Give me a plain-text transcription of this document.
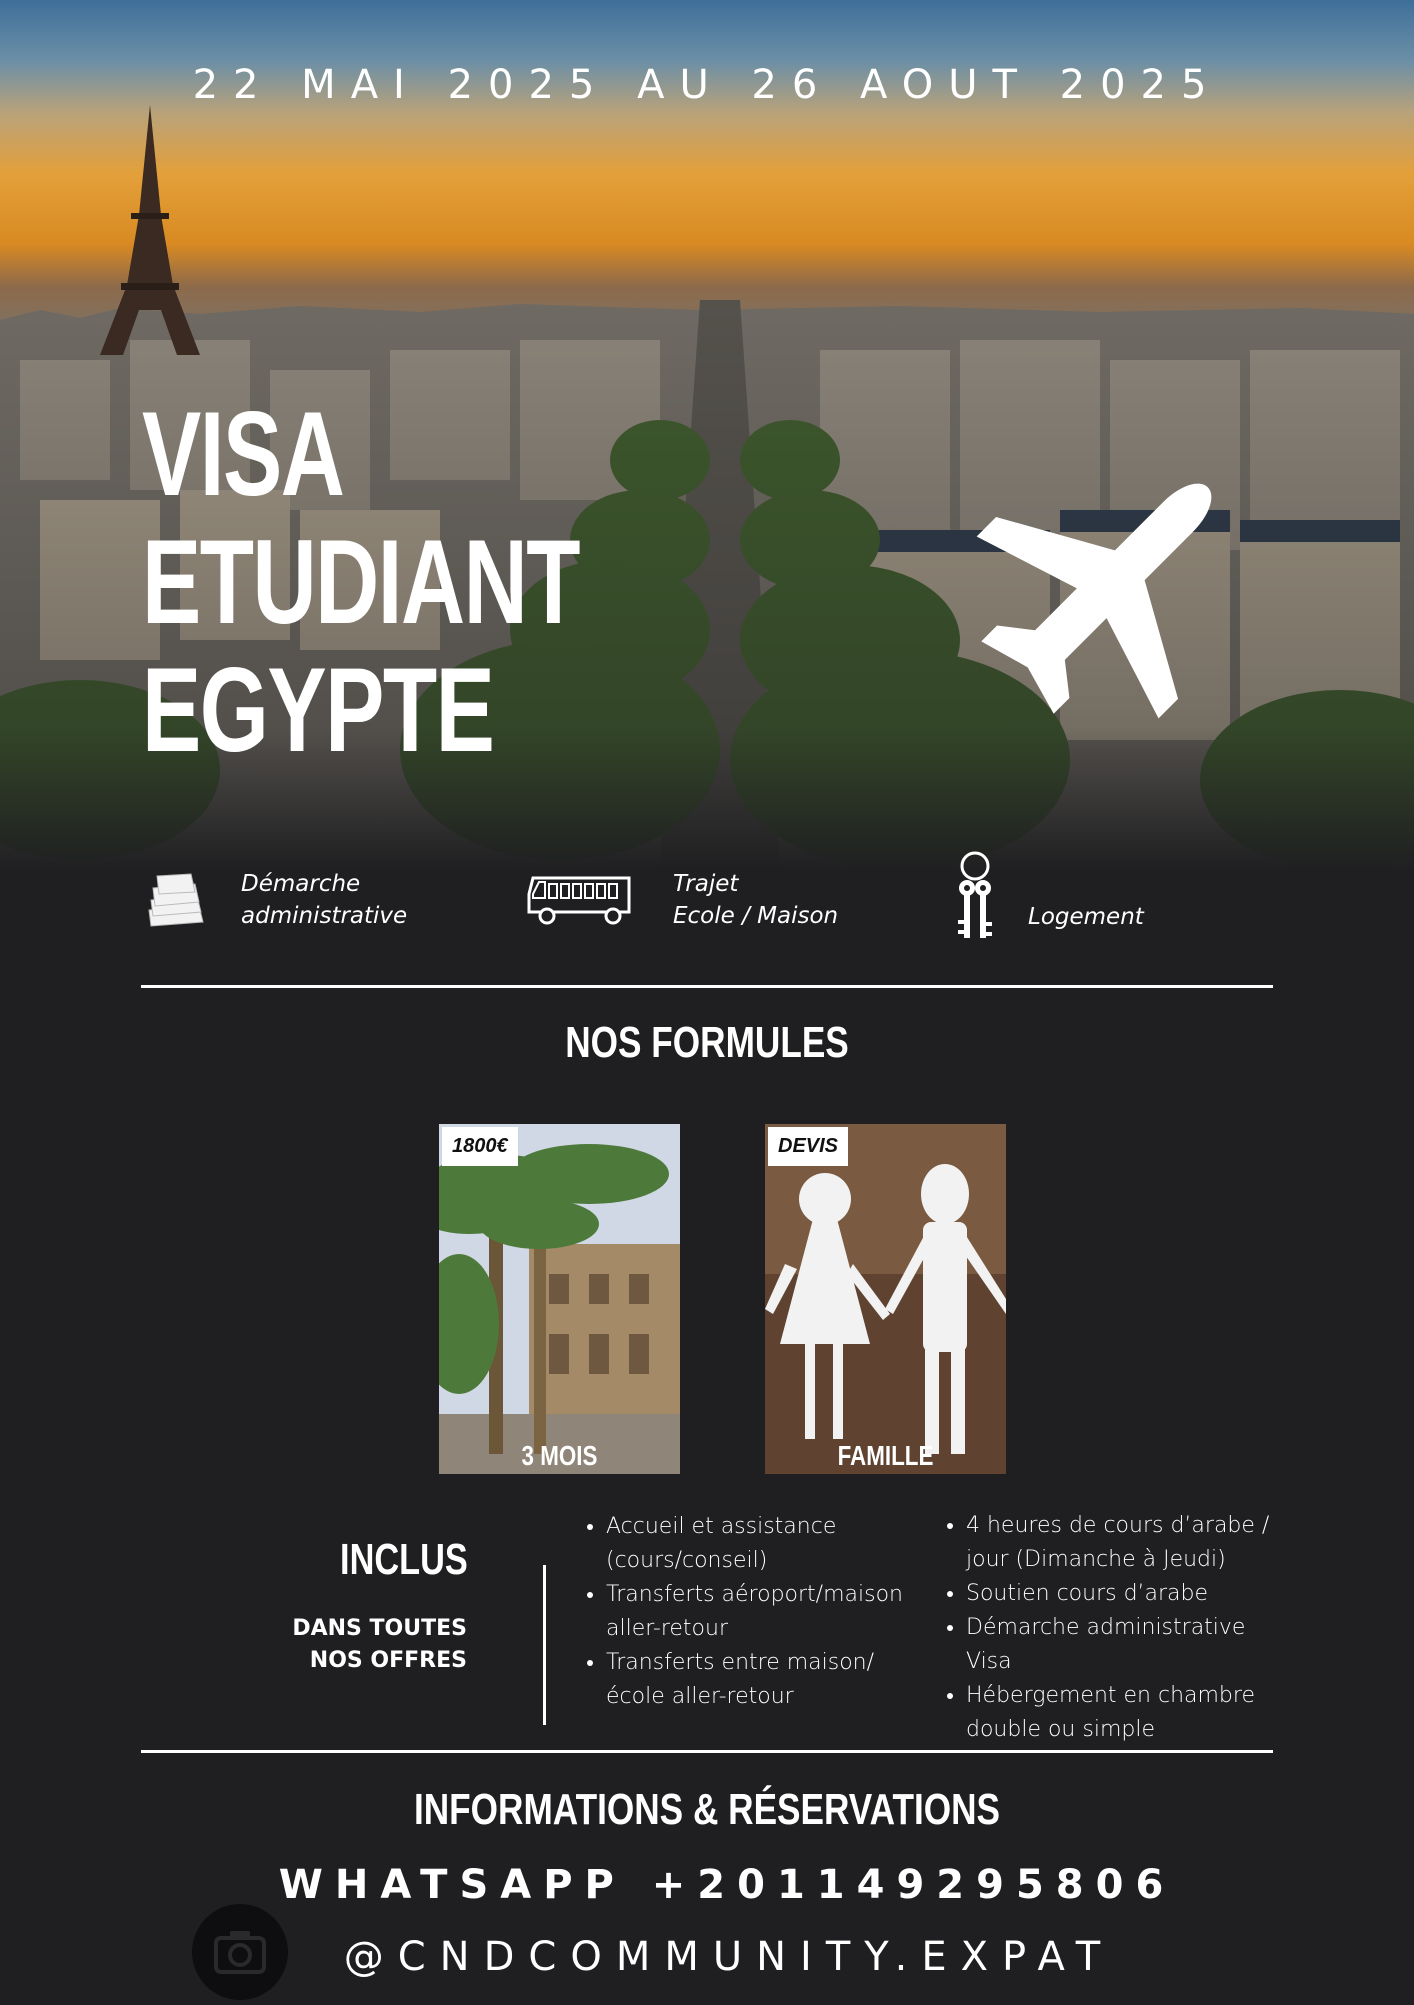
22 MAI 2025 AU 26 AOUT 2025
VISA
ETUDIANT
EGYPTE
Démarche
administrative
Trajet
Ecole / Maison	Logement
NOS FORMULES
1800€
3 MOIS
DEVIS
FAMILLE
INCLUS
DANS TOUTES
NOS OFFRES
• Accueil et assistance
(cours/conseil)
• Transferts aéroport/maison
aller-retour
• Transferts entre maison/
école aller-retour
• 4 heures de cours d’arabe /
jour (Dimanche à Jeudi)
• Soutien cours d’arabe
• Démarche administrative
Visa
• Hébergement en chambre
double ou simple
INFORMATIONS & RÉSERVATIONS
WHATSAPP +201149295806
@CNDCOMMUNITY.EXPAT
